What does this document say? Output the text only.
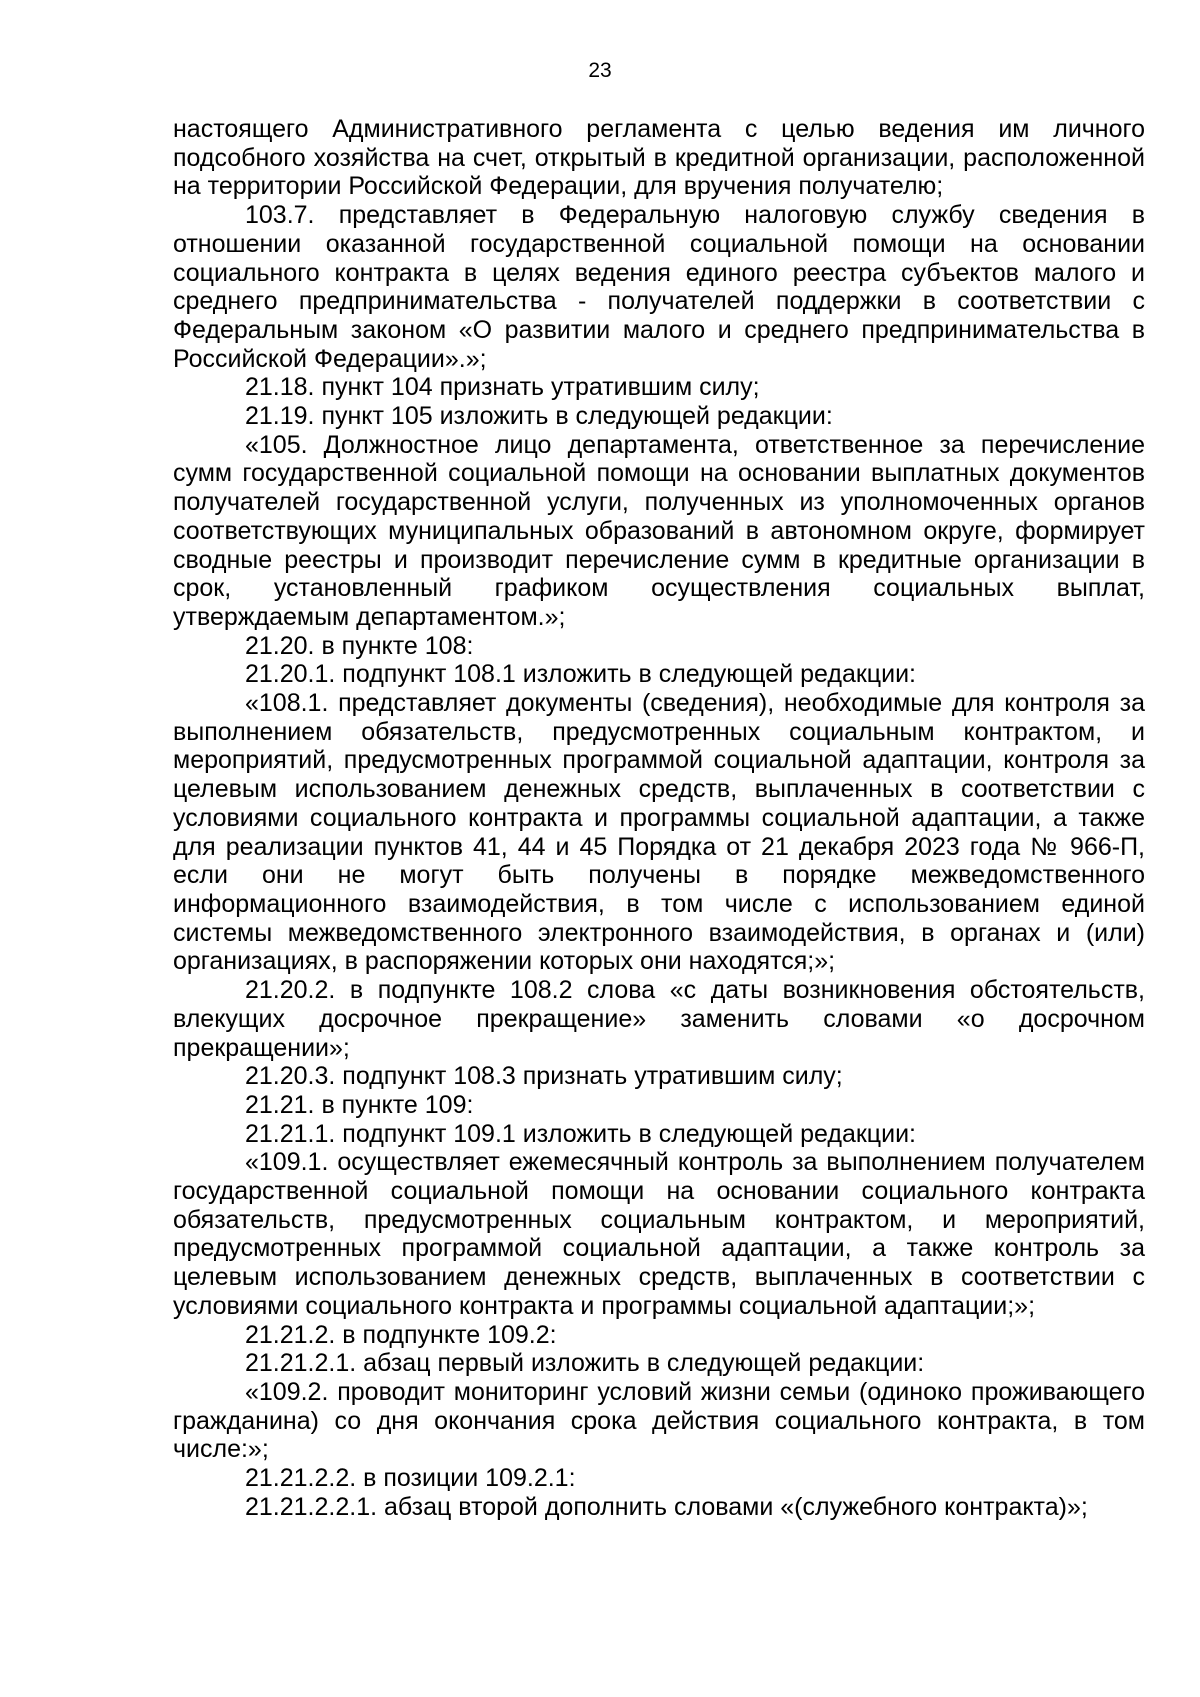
23

настоящего Административного регламента с целью ведения им личного подсобного хозяйства на счет, открытый в кредитной организации, расположенной на территории Российской Федерации, для вручения получателю;

103.7. представляет в Федеральную налоговую службу сведения в отношении оказанной государственной социальной помощи на основании социального контракта в целях ведения единого реестра субъектов малого и среднего предпринимательства - получателей поддержки в соответствии с Федеральным законом «О развитии малого и среднего предпринимательства в Российской Федерации».»;

21.18. пункт 104 признать утратившим силу;

21.19. пункт 105 изложить в следующей редакции:

«105. Должностное лицо департамента, ответственное за перечисление сумм государственной социальной помощи на основании выплатных документов получателей государственной услуги, полученных из уполномоченных органов соответствующих муниципальных образований в автономном округе, формирует сводные реестры и производит перечисление сумм в кредитные организации в срок, установленный графиком осуществления социальных выплат, утверждаемым департаментом.»;

21.20. в пункте 108:

21.20.1. подпункт 108.1 изложить в следующей редакции:

«108.1. представляет документы (сведения), необходимые для контроля за выполнением обязательств, предусмотренных социальным контрактом, и мероприятий, предусмотренных программой социальной адаптации, контроля за целевым использованием денежных средств, выплаченных в соответствии с условиями социального контракта и программы социальной адаптации, а также для реализации пунктов 41, 44 и 45 Порядка от 21 декабря 2023 года № 966-П, если они не могут быть получены в порядке межведомственного информационного взаимодействия, в том числе с использованием единой системы межведомственного электронного взаимодействия, в органах и (или) организациях, в распоряжении которых они находятся;»;

21.20.2. в подпункте 108.2 слова «с даты возникновения обстоятельств, влекущих досрочное прекращение» заменить словами «о досрочном прекращении»;

21.20.3. подпункт 108.3 признать утратившим силу;

21.21. в пункте 109:

21.21.1. подпункт 109.1 изложить в следующей редакции:

«109.1. осуществляет ежемесячный контроль за выполнением получателем государственной социальной помощи на основании социального контракта обязательств, предусмотренных социальным контрактом, и мероприятий, предусмотренных программой социальной адаптации, а также контроль за целевым использованием денежных средств, выплаченных в соответствии с условиями социального контракта и программы социальной адаптации;»;

21.21.2. в подпункте 109.2:

21.21.2.1. абзац первый изложить в следующей редакции:

«109.2. проводит мониторинг условий жизни семьи (одиноко проживающего гражданина) со дня окончания срока действия социального контракта, в том числе:»;

21.21.2.2. в позиции 109.2.1:

21.21.2.2.1. абзац второй дополнить словами «(служебного контракта)»;
